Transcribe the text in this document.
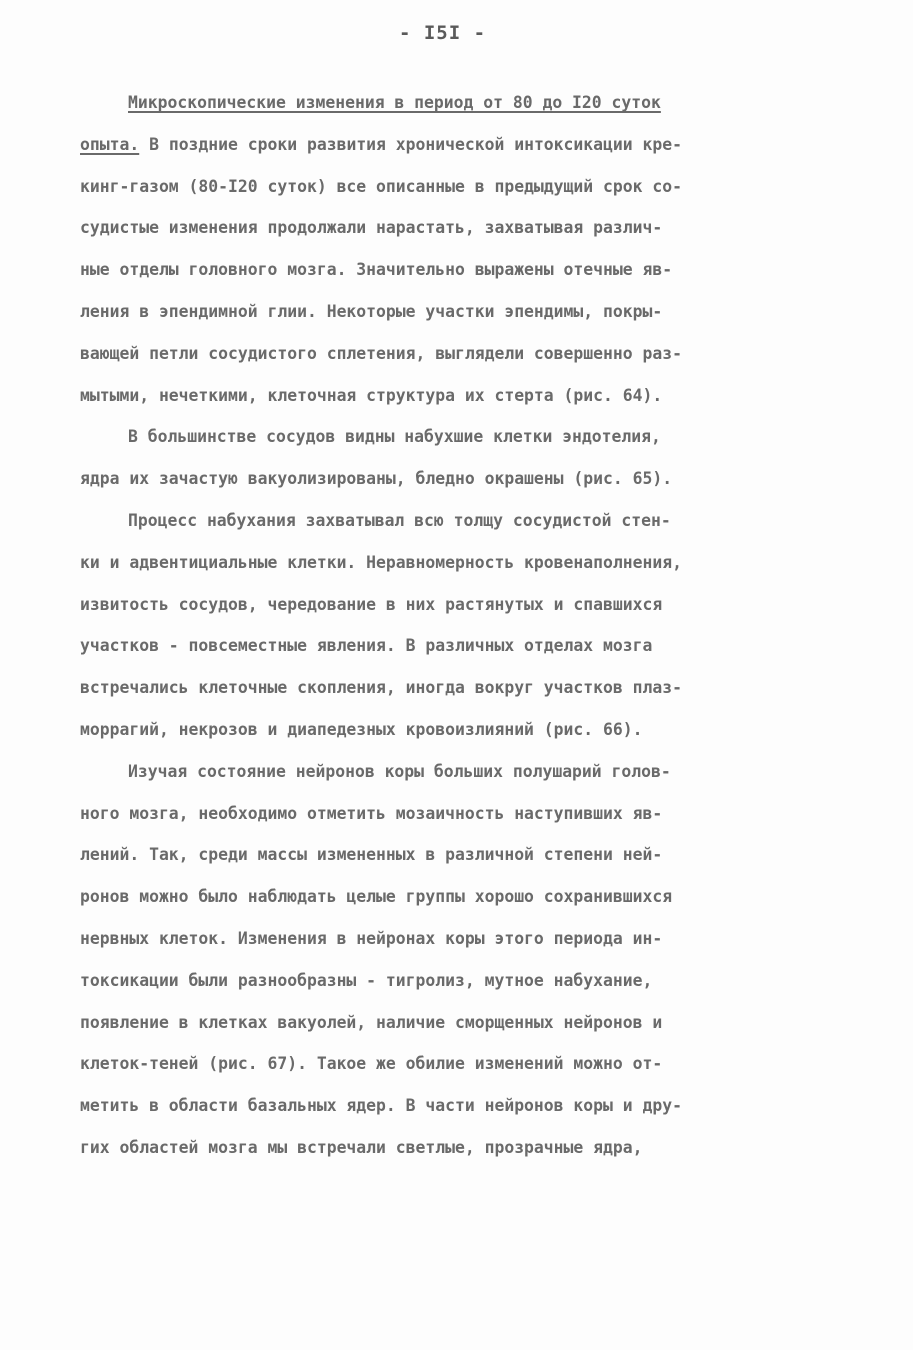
- I5I -
Микроскопические изменения в период от 80 до I20 суток
опыта. В поздние сроки развития хронической интоксикации кре-
кинг-газом (80-I20 суток) все описанные в предыдущий срок со-
судистые изменения продолжали нарастать, захватывая различ-
ные отделы головного мозга. Значительно выражены отечные яв-
ления в эпендимной глии. Некоторые участки эпендимы, покры-
вающей петли сосудистого сплетения, выглядели совершенно раз-
мытыми, нечеткими, клеточная структура их стерта (рис. 64).
В большинстве сосудов видны набухшие клетки эндотелия,
ядра их зачастую вакуолизированы, бледно окрашены (рис. 65).
Процесс набухания захватывал всю толщу сосудистой стен-
ки и адвентициальные клетки. Неравномерность кровенаполнения,
извитость сосудов, чередование в них растянутых и спавшихся
участков - повсеместные явления. В различных отделах мозга
встречались клеточные скопления, иногда вокруг участков плаз-
моррагий, некрозов и диапедезных кровоизлияний (рис. 66).
Изучая состояние нейронов коры больших полушарий голов-
ного мозга, необходимо отметить мозаичность наступивших яв-
лений. Так, среди массы измененных в различной степени ней-
ронов можно было наблюдать целые группы хорошо сохранившихся
нервных клеток. Изменения в нейронах коры этого периода ин-
токсикации были разнообразны - тигролиз, мутное набухание,
появление в клетках вакуолей, наличие сморщенных нейронов и
клеток-теней (рис. 67). Такое же обилие изменений можно от-
метить в области базальных ядер. В части нейронов коры и дру-
гих областей мозга мы встречали светлые, прозрачные ядра,
